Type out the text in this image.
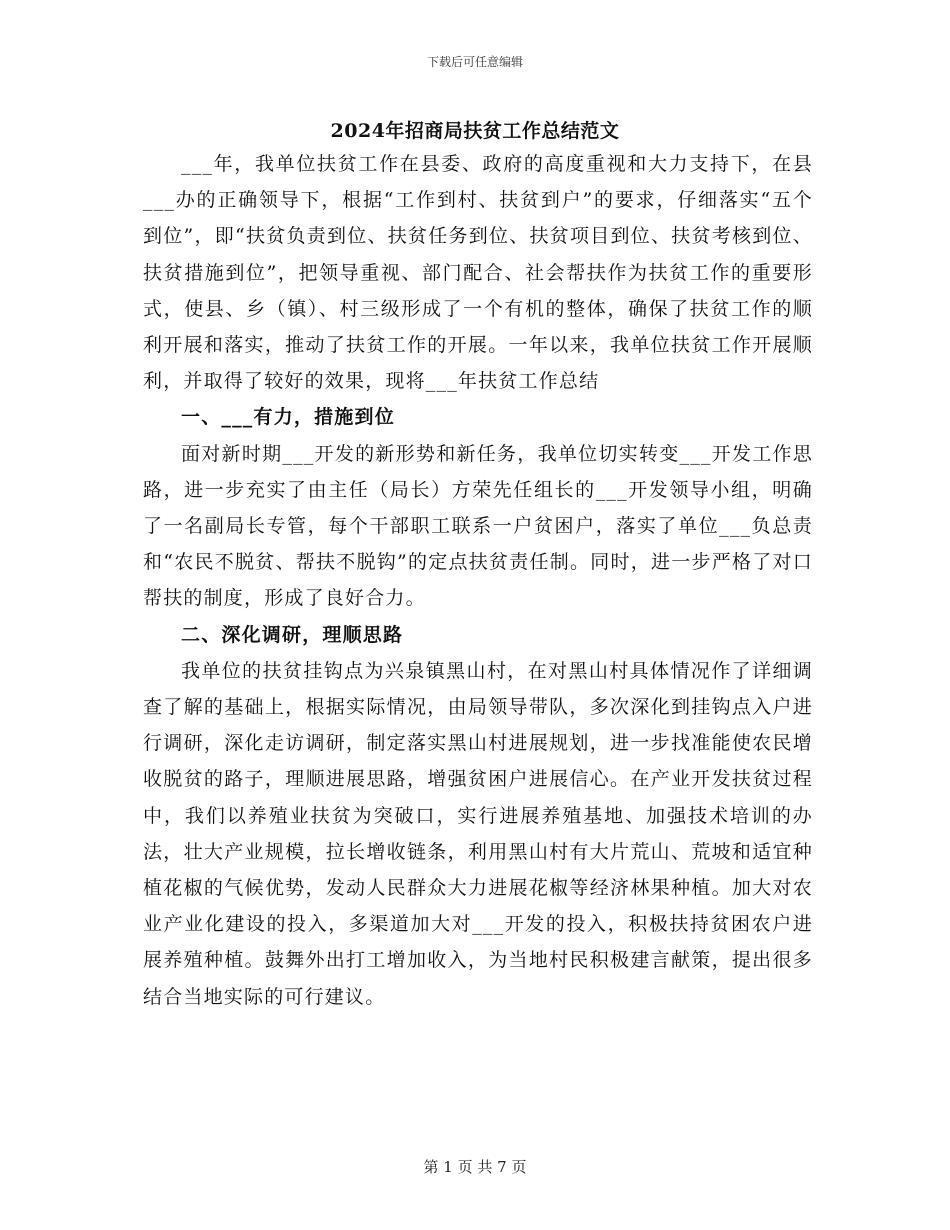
下载后可任意编辑
2024年招商局扶贫工作总结范文

___年，我单位扶贫工作在县委、政府的高度重视和大力支持下，在县___办的正确领导下，根据“工作到村、扶贫到户”的要求，仔细落实“五个到位”，即“扶贫负责到位、扶贫任务到位、扶贫项目到位、扶贫考核到位、扶贫措施到位”，把领导重视、部门配合、社会帮扶作为扶贫工作的重要形式，使县、乡（镇）、村三级形成了一个有机的整体，确保了扶贫工作的顺利开展和落实，推动了扶贫工作的开展。一年以来，我单位扶贫工作开展顺利，并取得了较好的效果，现将___年扶贫工作总结

一、___有力，措施到位

面对新时期___开发的新形势和新任务，我单位切实转变___开发工作思路，进一步充实了由主任（局长）方荣先任组长的___开发领导小组，明确了一名副局长专管，每个干部职工联系一户贫困户，落实了单位___负总责和“农民不脱贫、帮扶不脱钩”的定点扶贫责任制。同时，进一步严格了对口帮扶的制度，形成了良好合力。

二、深化调研，理顺思路

我单位的扶贫挂钩点为兴泉镇黑山村，在对黑山村具体情况作了详细调查了解的基础上，根据实际情况，由局领导带队，多次深化到挂钩点入户进行调研，深化走访调研，制定落实黑山村进展规划，进一步找准能使农民增收脱贫的路子，理顺进展思路，增强贫困户进展信心。在产业开发扶贫过程中，我们以养殖业扶贫为突破口，实行进展养殖基地、加强技术培训的办法，壮大产业规模，拉长增收链条，利用黑山村有大片荒山、荒坡和适宜种植花椒的气候优势，发动人民群众大力进展花椒等经济林果种植。加大对农业产业化建设的投入，多渠道加大对___开发的投入，积极扶持贫困农户进展养殖种植。鼓舞外出打工增加收入，为当地村民积极建言献策，提出很多结合当地实际的可行建议。

第 1 页 共 7 页
